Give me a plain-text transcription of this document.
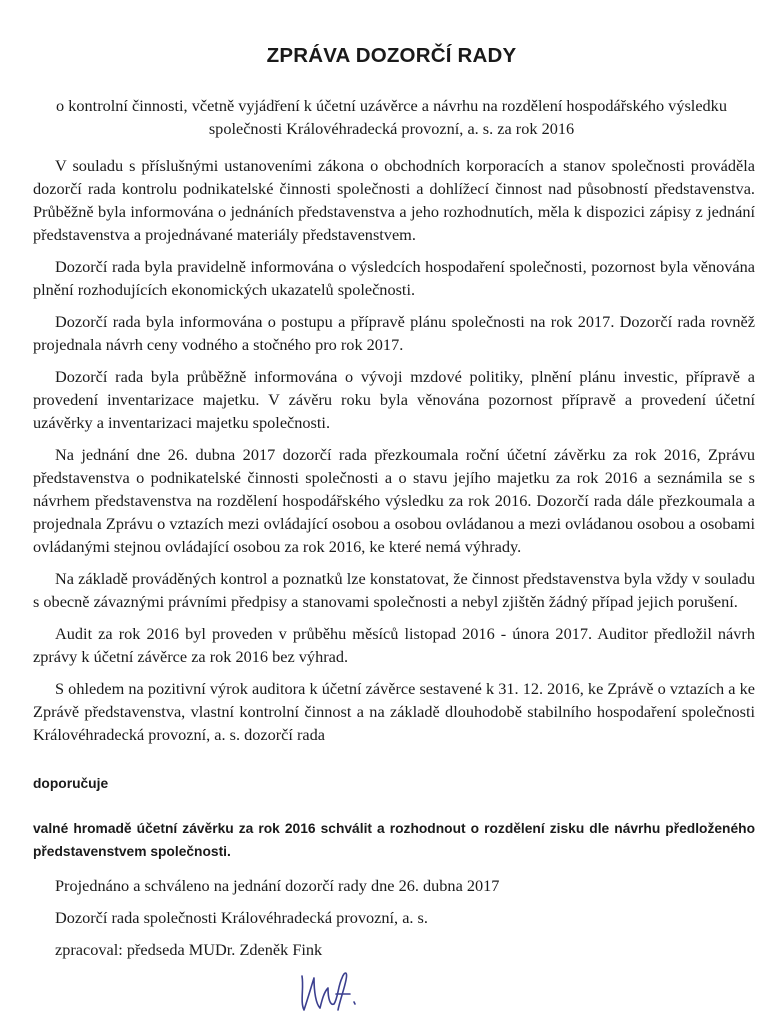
ZPRÁVA DOZORČÍ RADY
o kontrolní činnosti, včetně vyjádření k účetní uzávěrce a návrhu na rozdělení hospodářského výsledku společnosti Královéhradecká provozní, a. s. za rok 2016

V souladu s příslušnými ustanoveními zákona o obchodních korporacích a stanov společnosti prováděla dozorčí rada kontrolu podnikatelské činnosti společnosti a dohlížecí činnost nad působností představenstva. Průběžně byla informována o jednáních představenstva a jeho rozhodnutích, měla k dispozici zápisy z jednání představenstva a projednávané materiály představenstvem.

Dozorčí rada byla pravidelně informována o výsledcích hospodaření společnosti, pozornost byla věnována plnění rozhodujících ekonomických ukazatelů společnosti.

Dozorčí rada byla informována o postupu a přípravě plánu společnosti na rok 2017. Dozorčí rada rovněž projednala návrh ceny vodného a stočného pro rok 2017.

Dozorčí rada byla průběžně informována o vývoji mzdové politiky, plnění plánu investic, přípravě a provedení inventarizace majetku. V závěru roku byla věnována pozornost přípravě a provedení účetní uzávěrky a inventarizaci majetku společnosti.

Na jednání dne 26. dubna 2017 dozorčí rada přezkoumala roční účetní závěrku za rok 2016, Zprávu představenstva o podnikatelské činnosti společnosti a o stavu jejího majetku za rok 2016 a seznámila se s návrhem představenstva na rozdělení hospodářského výsledku za rok 2016. Dozorčí rada dále přezkoumala a projednala Zprávu o vztazích mezi ovládající osobou a osobou ovládanou a mezi ovládanou osobou a osobami ovládanými stejnou ovládající osobou za rok 2016, ke které nemá výhrady.

Na základě prováděných kontrol a poznatků lze konstatovat, že činnost představenstva byla vždy v souladu s obecně závaznými právními předpisy a stanovami společnosti a nebyl zjištěn žádný případ jejich porušení.

Audit za rok 2016 byl proveden v průběhu měsíců listopad 2016 - února 2017. Auditor předložil návrh zprávy k účetní závěrce za rok 2016 bez výhrad.

S ohledem na pozitivní výrok auditora k účetní závěrce sestavené k 31. 12. 2016, ke Zprávě o vztazích a ke Zprávě představenstva, vlastní kontrolní činnost a na základě dlouhodobě stabilního hospodaření společnosti Královéhradecká provozní, a. s. dozorčí rada

doporučuje
valné hromadě účetní závěrku za rok 2016 schválit a rozhodnout o rozdělení zisku dle návrhu předloženého představenstvem společnosti.
Projednáno a schváleno na jednání dozorčí rady dne 26. dubna 2017
Dozorčí rada společnosti Královéhradecká provozní, a. s.
zpracoval: předseda MUDr. Zdeněk Fink
